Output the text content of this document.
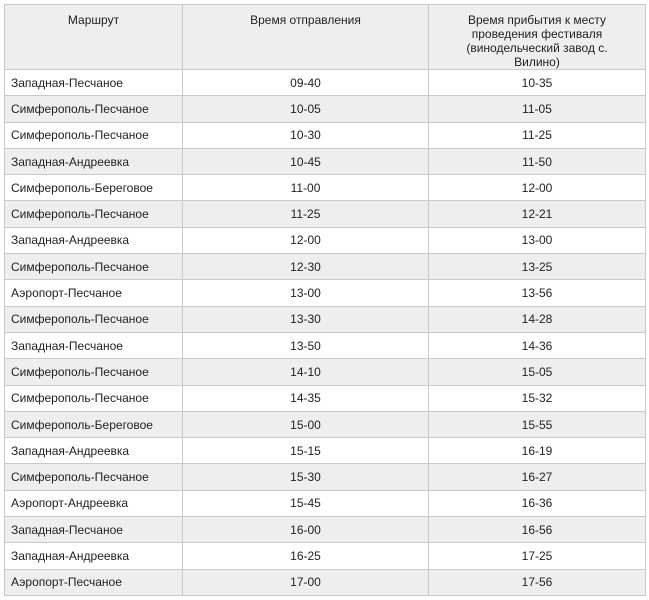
Маршрут	Время отправления	Время прибытия к месту
проведения фестиваля
(винодельческий завод с.
Вилино)

Западная-Песчаное	09-40	10-35
Симферополь-Песчаное	10-05	11-05
Симферополь-Песчаное	10-30	11-25
Западная-Андреевка	10-45	11-50
Симферополь-Береговое	11-00	12-00
Симферополь-Песчаное	11-25	12-21
Западная-Андреевка	12-00	13-00
Симферополь-Песчаное	12-30	13-25
Аэропорт-Песчаное	13-00	13-56
Симферополь-Песчаное	13-30	14-28
Западная-Песчаное	13-50	14-36
Симферополь-Песчаное	14-10	15-05
Симферополь-Песчаное	14-35	15-32
Симферополь-Береговое	15-00	15-55
Западная-Андреевка	15-15	16-19
Симферополь-Песчаное	15-30	16-27
Аэропорт-Андреевка	15-45	16-36
Западная-Песчаное	16-00	16-56
Западная-Андреевка	16-25	17-25
Аэропорт-Песчаное	17-00	17-56
